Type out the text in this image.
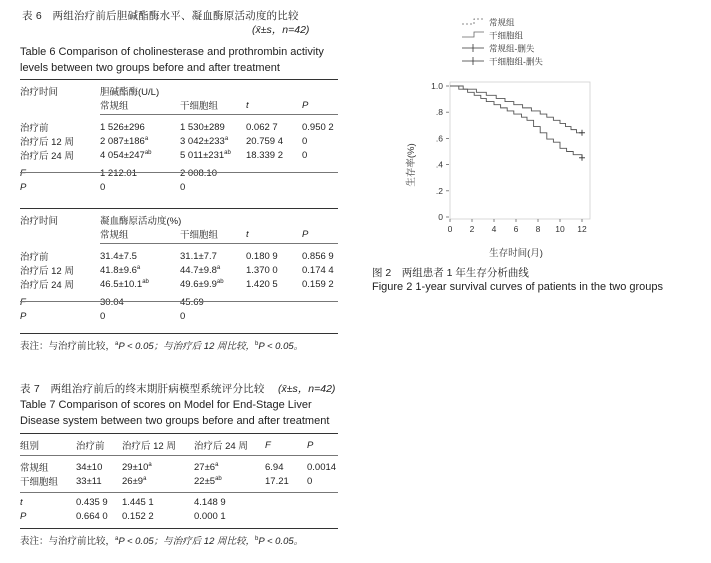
表 6　两组治疗前后胆碱酯酶水平、凝血酶原活动度的比较
(x̄±s，n=42)
Table 6 Comparison of cholinesterase and prothrombin activity
levels between two groups before and after treatment
治疗时间	胆碱酯酶(U/L)			
	常规组	干细胞组	t	P

治疗前	1 526±296	1 530±289	0.062 7	0.950 2
治疗后 12 周	2 $087\pm 186^a$	3 $042\pm 233^a$	20.759 4	0
治疗后 24 周	4 $054\pm 247^{ab}$	5 $011\pm 231^{ab}$	18.339 2	0

F	1 212.01	2 008.10		
P	0	0		
治疗时间	凝血酶原活动度(%)			
	常规组	干细胞组	t	P

治疗前	31.4±7.5	31.1±7.7	0.180 9	0.856 9
治疗后 12 周	41.8±9.6$^a$	44.7±9.8$^a$	1.370 0	0.174 4
治疗后 24 周	46.5±10.1$^{ab}$	49.6±9.9$^{ab}$	1.420 5	0.159 2

F	30.04	45.69		
P	0	0		
表注：与治疗前比较，$^a$P < 0.05；与治疗后 12 周比较，$^b$P < 0.05。
表 7　两组治疗前后的终末期肝病模型系统评分比较 (x̄±s，n=42)
Table 7 Comparison of scores on Model for End-Stage Liver
Disease system between two groups before and after treatment
组别	治疗前	治疗后 12 周	治疗后 24 周	F	P

常规组	34±10	$29\pm 10^a$	$27\pm 6^a$	6.94	0.0014
干细胞组	33±11	$26\pm 9^a$	$22\pm 5^{ab}$	17.21	0

t	0.435 9	1.445 1	4.148 9		
P	0.664 0	0.152 2	0.000 1		
表注：与治疗前比较，$^a$P < 0.05；与治疗后 12 周比较，$^b$P < 0.05。
常规组
干细胞组
常规组-删失
干细胞组-删失
0 2 4 6 8 10 12
0
.2
.4
.6
.8
1.0
生存率(%)
生存时间(月)
图 2　两组患者 1 年生存分析曲线
Figure 2 1-year survival curves of patients in the two groups
